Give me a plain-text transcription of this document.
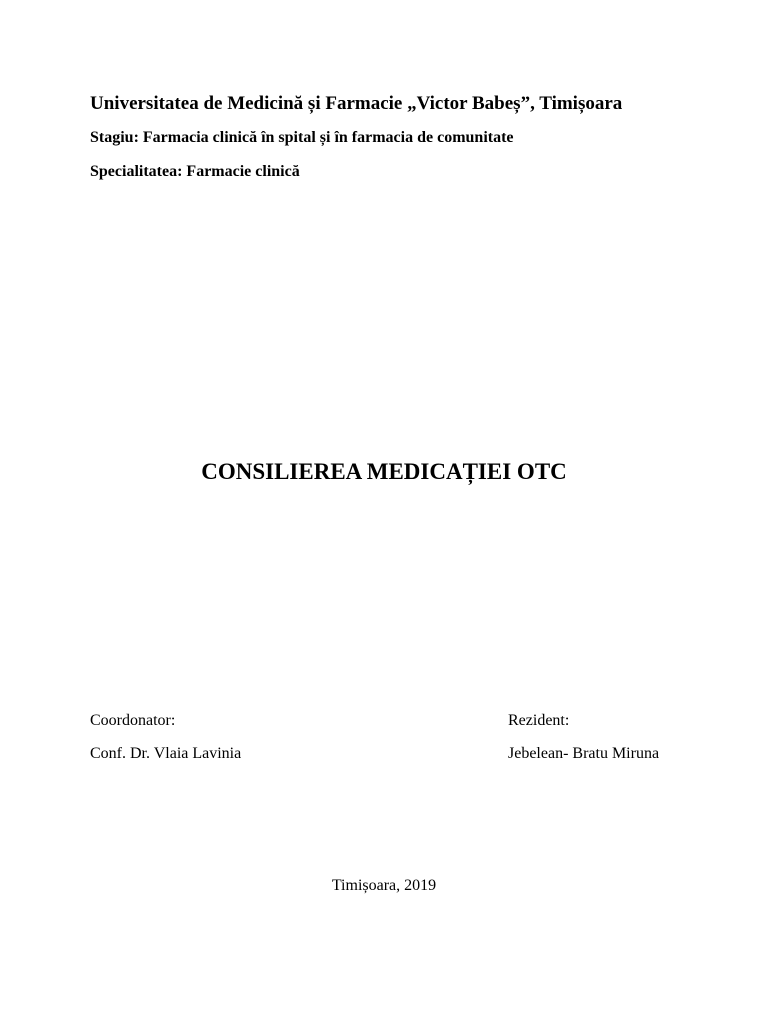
Universitatea de Medicină și Farmacie „Victor Babeș”, Timișoara
Stagiu: Farmacia clinică în spital și în farmacia de comunitate
Specialitatea: Farmacie clinică
CONSILIEREA MEDICAȚIEI OTC
Coordonator:
Conf. Dr. Vlaia Lavinia
Rezident:
Jebelean- Bratu Miruna
Timișoara, 2019
